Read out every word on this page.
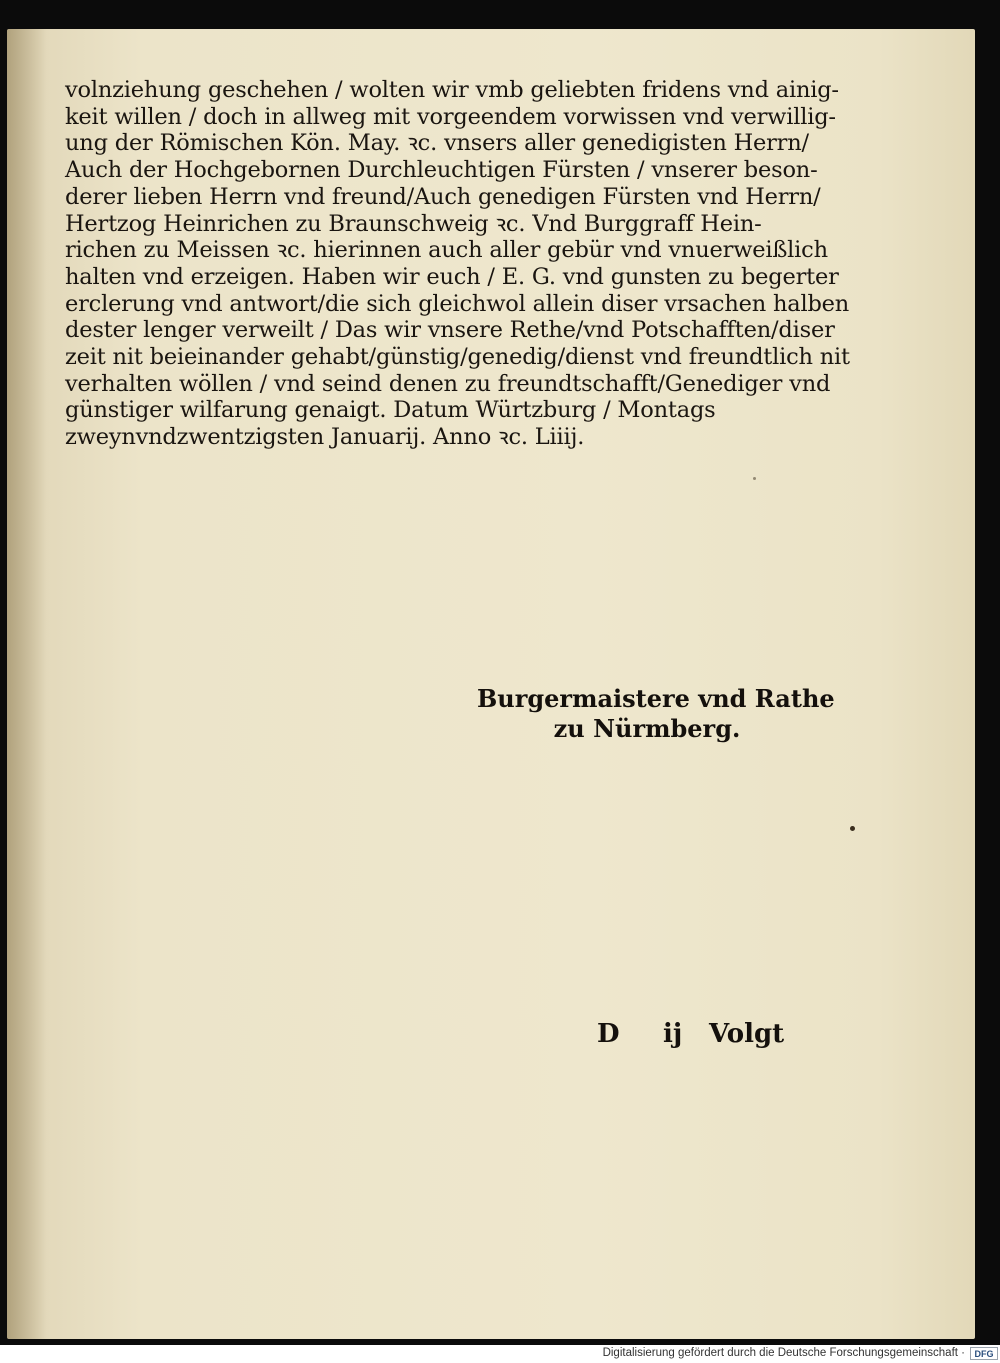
volnziehung geschehen / wolten wir vmb geliebten fridens vnd ainig-
keit willen / doch in allweg mit vorgeendem vorwissen vnd verwillig-
ung der Römischen Kön. May. ꝛc. vnsers aller genedigisten Herrn/
Auch der Hochgebornen Durchleuchtigen Fürsten / vnserer beson-
derer lieben Herrn vnd freund/Auch genedigen Fürsten vnd Herrn/
Hertzog Heinrichen zu Braunschweig ꝛc. Vnd Burggraff Hein-
richen zu Meissen ꝛc. hierinnen auch aller gebür vnd vnuerweißlich
halten vnd erzeigen. Haben wir euch / E. G. vnd gunsten zu begerter
erclerung vnd antwort/die sich gleichwol allein diser vrsachen halben
dester lenger verweilt / Das wir vnsere Rethe/vnd Potschafften/diser
zeit nit beieinander gehabt/günstig/genedig/dienst vnd freundtlich nit
verhalten wöllen / vnd seind denen zu freundtschafft/Genediger vnd
günstiger wilfarung genaigt. Datum Würtzburg / Montags
zweynvndzwentzigsten Januarij. Anno ꝛc. Liiij.
Burgermaistere vnd Rathe
zu Nürmberg.
D ij Volgt
Digitalisierung gefördert durch die Deutsche Forschungsgemeinschaft ·	DFG
